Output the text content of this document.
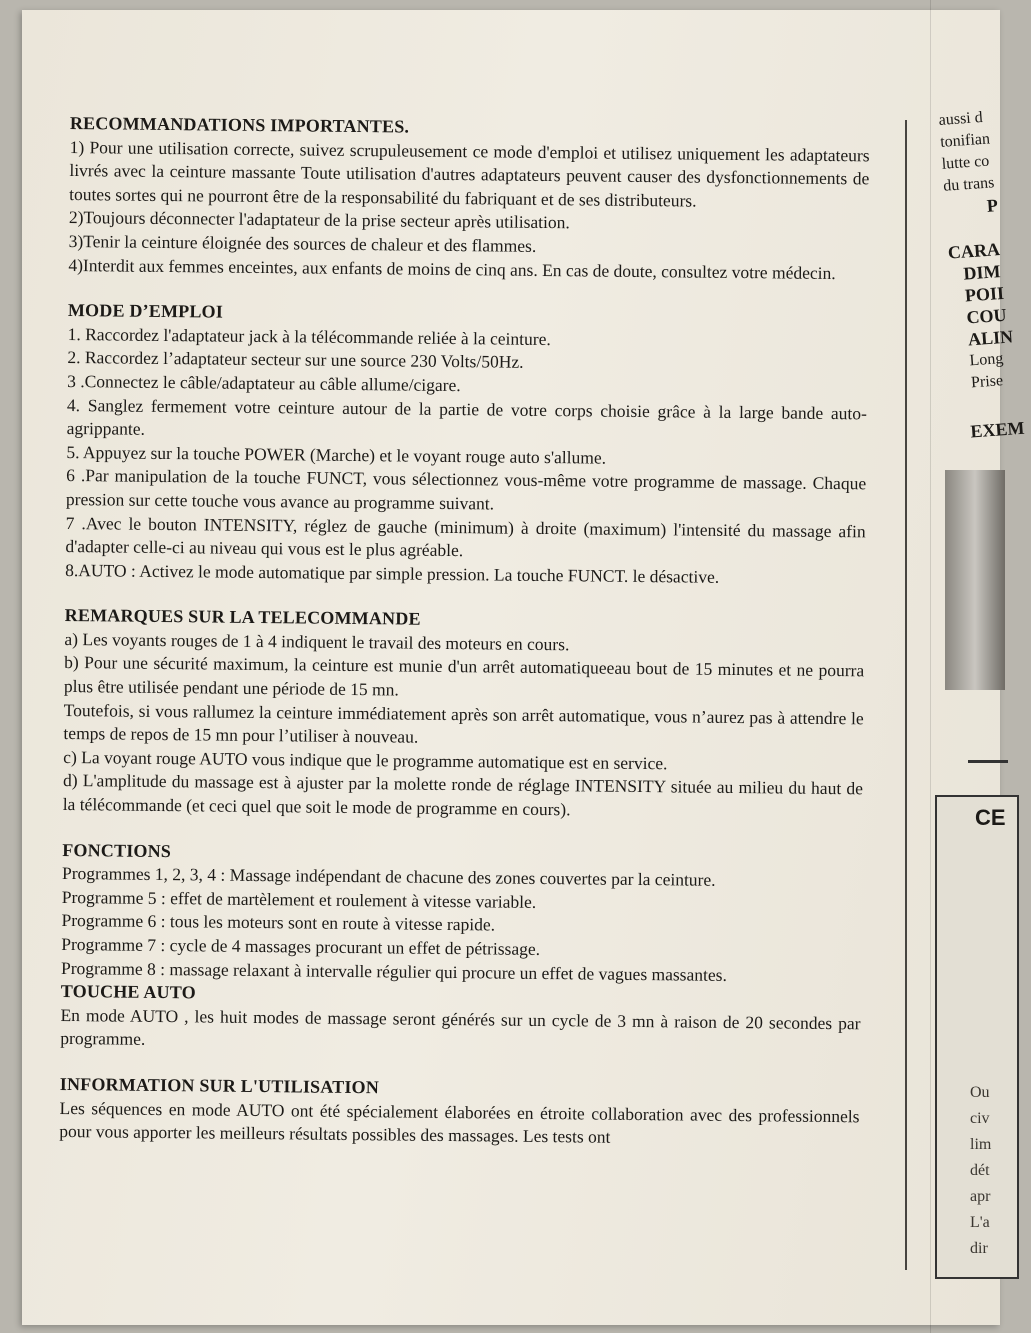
RECOMMANDATIONS IMPORTANTES.

1) Pour une utilisation correcte, suivez scrupuleusement ce mode d'emploi et utilisez uniquement les adaptateurs livrés avec la ceinture massante Toute utilisation d'autres adaptateurs peuvent causer des dysfonctionnements de toutes sortes qui ne pourront être de la responsabilité du fabriquant et de ses distributeurs.

2)Toujours déconnecter l'adaptateur de la prise secteur après utilisation.

3)Tenir la ceinture éloignée des sources de chaleur et des flammes.

4)Interdit aux femmes enceintes, aux enfants de moins de cinq ans. En cas de doute, consultez votre médecin.

MODE D’EMPLOI

1. Raccordez l'adaptateur jack à la télécommande reliée à la ceinture.

2. Raccordez l’adaptateur secteur sur une source 230 Volts/50Hz.

3 .Connectez le câble/adaptateur au câble allume/cigare.

4. Sanglez fermement votre ceinture autour de la partie de votre corps choisie grâce à la large bande auto-agrippante.

5. Appuyez sur la touche POWER (Marche) et le voyant rouge auto s'allume.

6 .Par manipulation de la touche FUNCT, vous sélectionnez vous-même votre programme de massage. Chaque pression sur cette touche vous avance au programme suivant.

7 .Avec le bouton INTENSITY, réglez de gauche (minimum) à droite (maximum) l'intensité du massage afin d'adapter celle-ci au niveau qui vous est le plus agréable.

8.AUTO : Activez le mode automatique par simple pression. La touche FUNCT. le désactive.

REMARQUES SUR LA TELECOMMANDE

a) Les voyants rouges de 1 à 4 indiquent le travail des moteurs en cours.

b) Pour une sécurité maximum, la ceinture est munie d'un arrêt automatiqueeau bout de 15 minutes et ne pourra plus être utilisée pendant une période de 15 mn.

Toutefois, si vous rallumez la ceinture immédiatement après son arrêt automatique, vous n’aurez pas à attendre le temps de repos de 15 mn pour l’utiliser à nouveau.

c) La voyant rouge AUTO vous indique que le programme automatique est en service.

d) L'amplitude du massage est à ajuster par la molette ronde de réglage INTENSITY située au milieu du haut de la télécommande (et ceci quel que soit le mode de programme en cours).

FONCTIONS

Programmes 1, 2, 3, 4 : Massage indépendant de chacune des zones couvertes par la ceinture.

Programme 5 : effet de martèlement et roulement à vitesse variable.

Programme 6 : tous les moteurs sont en route à vitesse rapide.

Programme 7 : cycle de 4 massages procurant un effet de pétrissage.

Programme 8 : massage relaxant à intervalle régulier qui procure un effet de vagues massantes.

TOUCHE AUTO

En mode AUTO , les huit modes de massage seront générés sur un cycle de 3 mn à raison de 20 secondes par programme.

INFORMATION SUR L'UTILISATION

Les séquences en mode AUTO ont été spécialement élaborées en étroite collaboration avec des professionnels pour vous apporter les meilleurs résultats possibles des massages. Les tests ont

aussi d
tonifian
lutte co
du trans
P
CARA
DIM
POII
COU
ALIN
Long
Prise
EXEM
CE
Ou
civ
lim
dét
apr
L'a
dir
